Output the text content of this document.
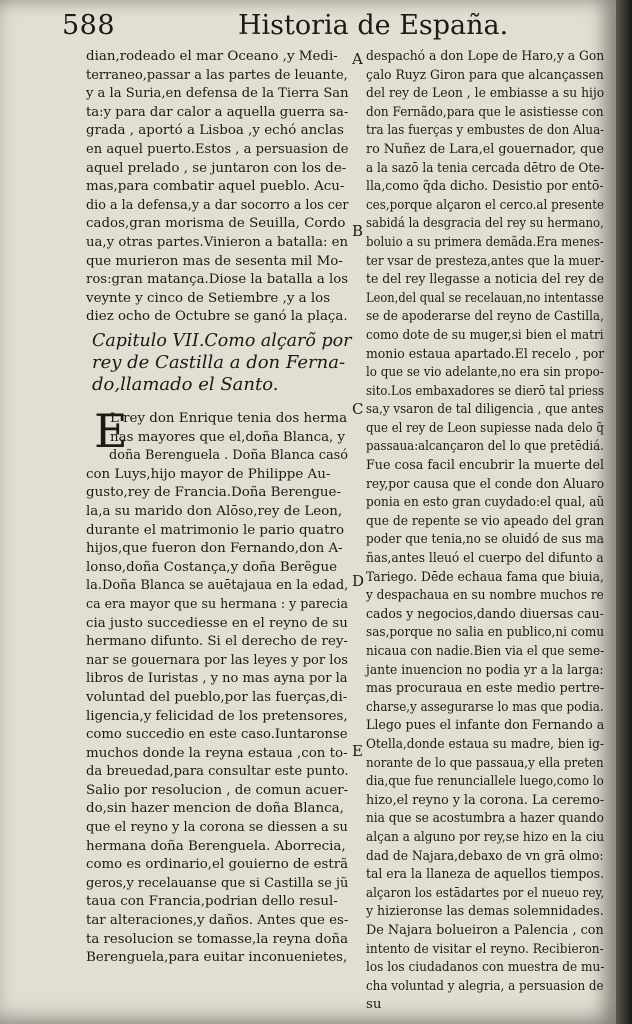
588	Historia de España.
dian,rodeado el mar Oceano ,y Medi-
terraneo,passar a las partes de leuante,
y a la Suria,en defensa de la Tierra San
ta:y para dar calor a aquella guerra sa-
grada , aportó a Lisboa ,y echó anclas
en aquel puerto.Estos , a persuasion de
aquel prelado , se juntaron con los de-
mas,para combatir aquel pueblo. Acu-
dio a la defensa,y a dar socorro a los cer
cados,gran morisma de Seuilla, Cordo
ua,y otras partes.Vinieron a batalla: en
que murieron mas de sesenta mil Mo-
ros:gran matança.Diose la batalla a los
veynte y cinco de Setiembre ,y a los
diez ocho de Octubre se ganó la plaça.
Capitulo VII.Como alçarõ por
rey de Castilla a don Ferna-
do,llamado el Santo.
E
L rey don Enrique tenia dos herma
nas mayores que el,doña Blanca, y
doña Berenguela . Doña Blanca casó
con Luys,hijo mayor de Philippe Au-
gusto,rey de Francia.Doña Berengue-
la,a su marido don Alōso,rey de Leon,
durante el matrimonio le pario quatro
hijos,que fueron don Fernando,don A-
lonso,doña Costança,y doña Berẽgue
la.Doña Blanca se auētajaua en la edad,
ca era mayor que su hermana : y parecia
cia justo succediesse en el reyno de su
hermano difunto. Si el derecho de rey-
nar se gouernara por las leyes y por los
libros de Iuristas , y no mas ayna por la
voluntad del pueblo,por las fuerças,di-
ligencia,y felicidad de los pretensores,
como succedio en este caso.Iuntaronse
muchos donde la reyna estaua ,con to-
da breuedad,para consultar este punto.
Salio por resolucion , de comun acuer-
do,sin hazer mencion de doña Blanca,
que el reyno y la corona se diessen a su
hermana doña Berenguela. Aborrecia,
como es ordinario,el gouierno de estrã
geros,y recelauanse que si Castilla se jũ
taua con Francia,podrian dello resul-
tar alteraciones,y daños. Antes que es-
ta resolucion se tomasse,la reyna doña
Berenguela,para euitar inconuenietes,
despachó a don Lope de Haro,y a Gon
çalo Ruyz Giron para que alcançassen
del rey de Leon , le embiasse a su hijo
don Fernãdo,para que le asistiesse con
tra las fuerças y embustes de don Alua-
ro Nuñez de Lara,el gouernador, que
a la sazō la tenia cercada dētro de Ote-
lla,como q̃da dicho. Desistio por entō-
ces,porque alçaron el cerco.al presente
sabidá la desgracia del rey su hermano,
boluio a su primera demãda.Era menes-
ter vsar de presteza,antes que la muer-
te del rey llegasse a noticia del rey de
Leon,del qual se recelauan,no intentasse
se de apoderarse del reyno de Castilla,
como dote de su muger,si bien el matri
monio estaua apartado.El recelo , por
lo que se vio adelante,no era sin propo-
sito.Los embaxadores se dierō tal priess
sa,y vsaron de tal diligencia , que antes
que el rey de Leon supiesse nada delo q̃
passaua:alcançaron del lo que pretēdiá.
Fue cosa facil encubrir la muerte del
rey,por causa que el conde don Aluaro
ponia en esto gran cuydado:el qual, aũ
que de repente se vio apeado del gran
poder que tenia,no se oluidó de sus ma
ñas,antes lleuó el cuerpo del difunto a
Tariego. Dēde echaua fama que biuia,
y despachaua en su nombre muchos re
cados y negocios,dando diuersas cau-
sas,porque no salia en publico,ni comu
nicaua con nadie.Bien via el que seme-
jante inuencion no podia yr a la larga:
mas procuraua en este medio pertre-
charse,y assegurarse lo mas que podia.
Llego pues el infante don Fernando a
Otella,donde estaua su madre, bien ig-
norante de lo que passaua,y ella preten
dia,que fue renunciallele luego,como lo
hizo,el reyno y la corona. La ceremo-
nia que se acostumbra a hazer quando
alçan a alguno por rey,se hizo en la ciu
dad de Najara,debaxo de vn grā olmo:
tal era la llaneza de aquellos tiempos.
alçaron los estādartes por el nueuo rey,
y hizieronse las demas solemnidades.
De Najara bolueiron a Palencia , con
intento de visitar el reyno. Recibieron-
los los ciudadanos con muestra de mu-
cha voluntad y alegria, a persuasion de
su
A
B
C
D
E
